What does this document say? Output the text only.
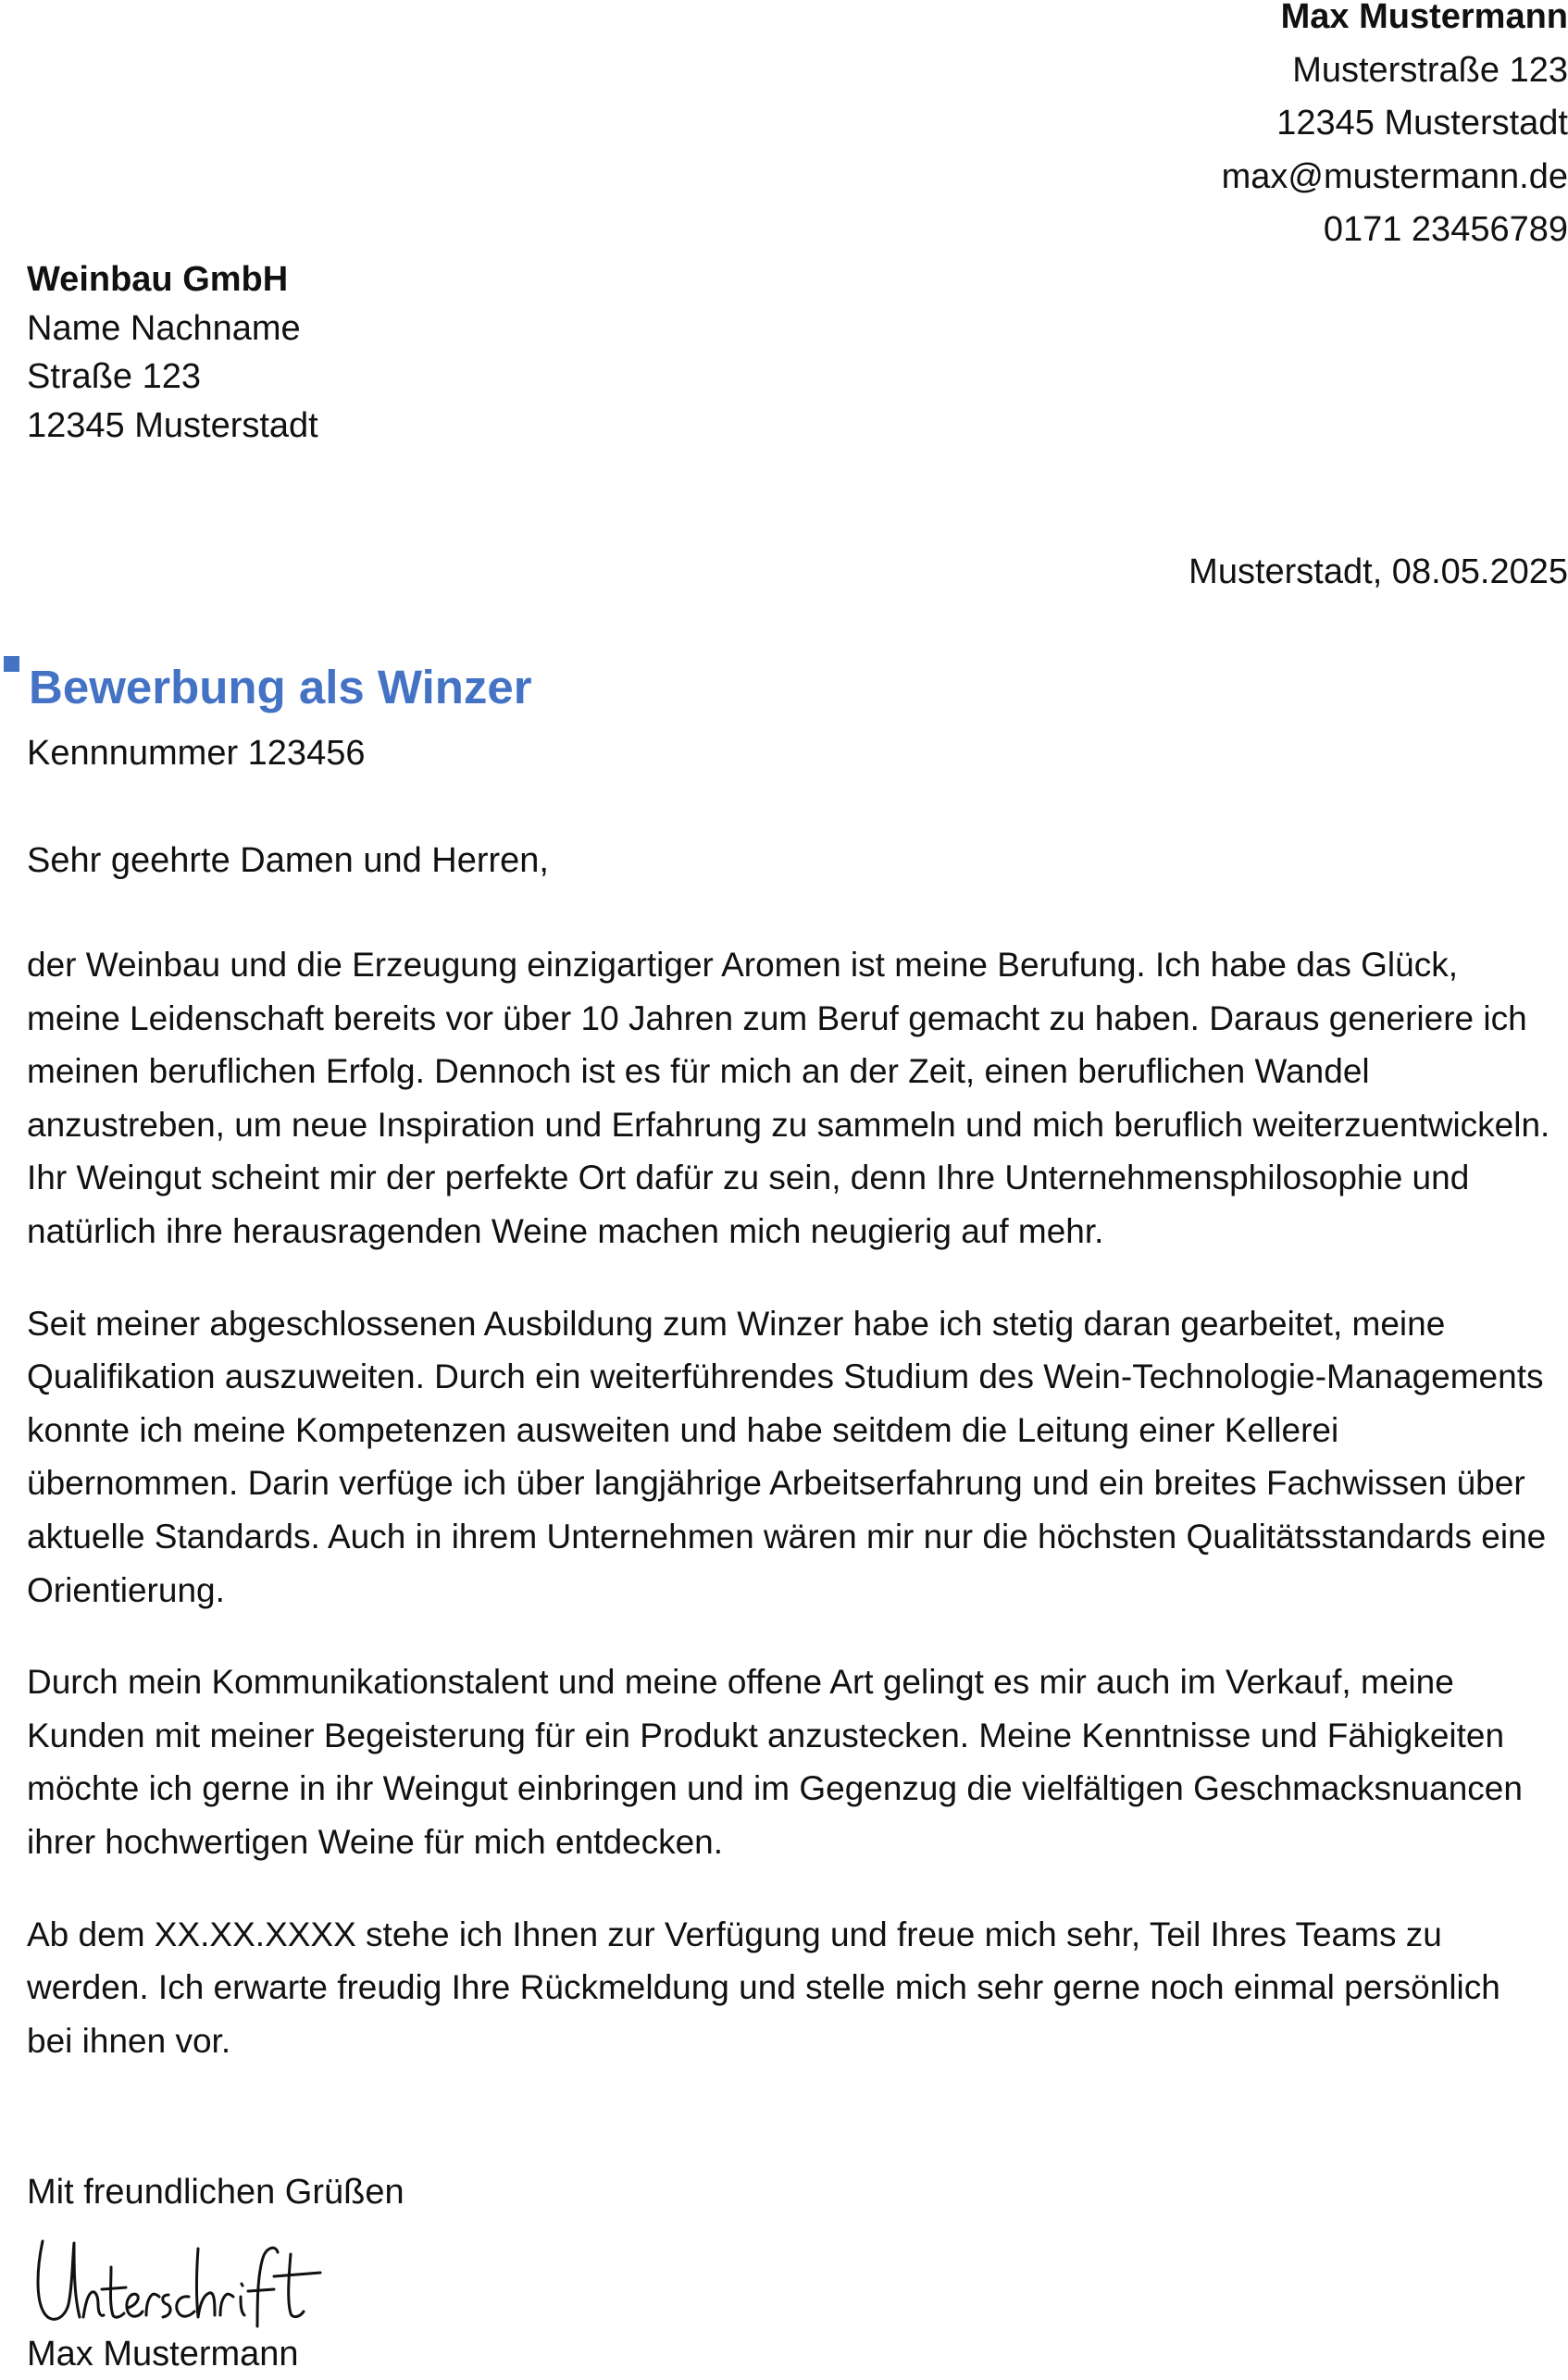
Max Mustermann
Musterstraße 123
12345 Musterstadt
max@mustermann.de
0171 23456789
Weinbau GmbH
Name Nachname
Straße 123
12345 Musterstadt
Musterstadt, 08.05.2025
Bewerbung als Winzer
Kennnummer 123456
Sehr geehrte Damen und Herren,

der Weinbau und die Erzeugung einzigartiger Aromen ist meine Berufung. Ich habe das Glück, meine Leidenschaft bereits vor über 10 Jahren zum Beruf gemacht zu haben. Daraus generiere ich meinen beruflichen Erfolg. Dennoch ist es für mich an der Zeit, einen beruflichen Wandel anzustreben, um neue Inspiration und Erfahrung zu sammeln und mich beruflich weiterzuentwickeln. Ihr Weingut scheint mir der perfekte Ort dafür zu sein, denn Ihre Unternehmensphilosophie und natürlich ihre herausragenden Weine machen mich neugierig auf mehr.

Seit meiner abgeschlossenen Ausbildung zum Winzer habe ich stetig daran gearbeitet, meine Qualifikation auszuweiten. Durch ein weiterführendes Studium des Wein-Technologie-Managements konnte ich meine Kompetenzen ausweiten und habe seitdem die Leitung einer Kellerei übernommen. Darin verfüge ich über langjährige Arbeitserfahrung und ein breites Fachwissen über aktuelle Standards. Auch in ihrem Unternehmen wären mir nur die höchsten Qualitätsstandards eine Orientierung.

Durch mein Kommunikationstalent und meine offene Art gelingt es mir auch im Verkauf, meine Kunden mit meiner Begeisterung für ein Produkt anzustecken. Meine Kenntnisse und Fähigkeiten möchte ich gerne in ihr Weingut einbringen und im Gegenzug die vielfältigen Geschmacksnuancen ihrer hochwertigen Weine für mich entdecken.

Ab dem XX.XX.XXXX stehe ich Ihnen zur Verfügung und freue mich sehr, Teil Ihres Teams zu werden. Ich erwarte freudig Ihre Rückmeldung und stelle mich sehr gerne noch einmal persönlich bei ihnen vor.

Mit freundlichen Grüßen
Max Mustermann
